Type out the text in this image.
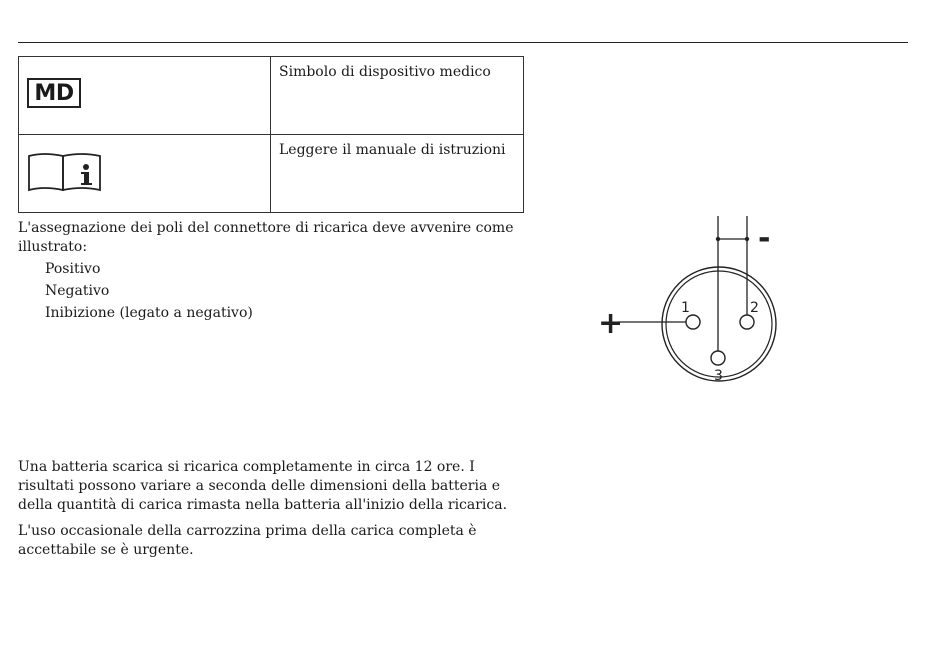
MD	Simbolo di dispositivo medico

	Leggere il manuale di istruzioni
L'assegnazione dei poli del connettore di ricarica deve avvenire come illustrato:
Positivo
Negativo
Inibizione (legato a negativo)	+
-
1	2
3
Una batteria scarica si ricarica completamente in circa 12 ore. I risultati possono variare a seconda delle dimensioni della batteria e della quantità di carica rimasta nella batteria all'inizio della ricarica.
L'uso occasionale della carrozzina prima della carica completa è accettabile se è urgente.
